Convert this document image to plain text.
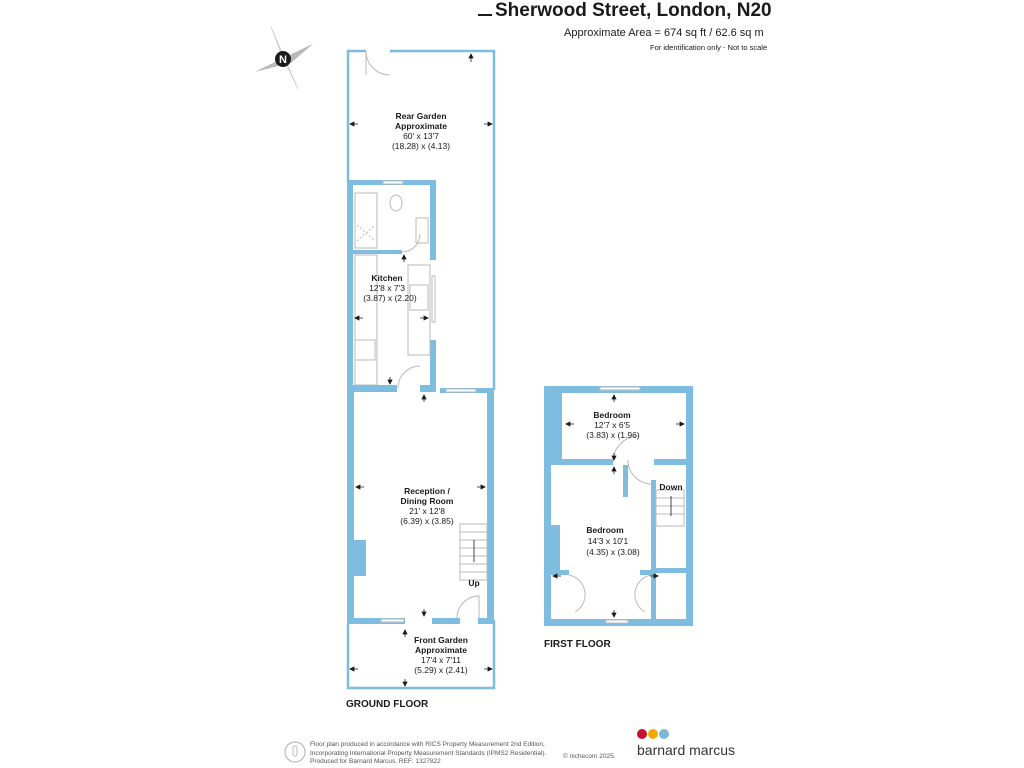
Sherwood Street, London, N20
Approximate Area = 674 sq ft / 62.6 sq m
For identification only - Not to scale
N
Rear Garden
Approximate
60' x 13'7
(18.28) x (4.13)
Kitchen
12'8 x 7'3
(3.87) x (2.20)
Reception /
Dining Room
21' x 12'8
(6.39) x (3.85)
Up
Front Garden
Approximate
17'4 x 7'11
(5.29) x (2.41)
GROUND FLOOR
Bedroom
12'7 x 6'5
(3.83) x (1.96)
Bedroom
14'3 x 10'1
(4.35) x (3.08)
Down
FIRST FLOOR
Floor plan produced in accordance with RICS Property Measurement 2nd Edition,
Incorporating International Property Measurement Standards (IPMS2 Residential).
Produced for Barnard Marcus. REF: 1327822
© nichecom 2025. barnard marcus
